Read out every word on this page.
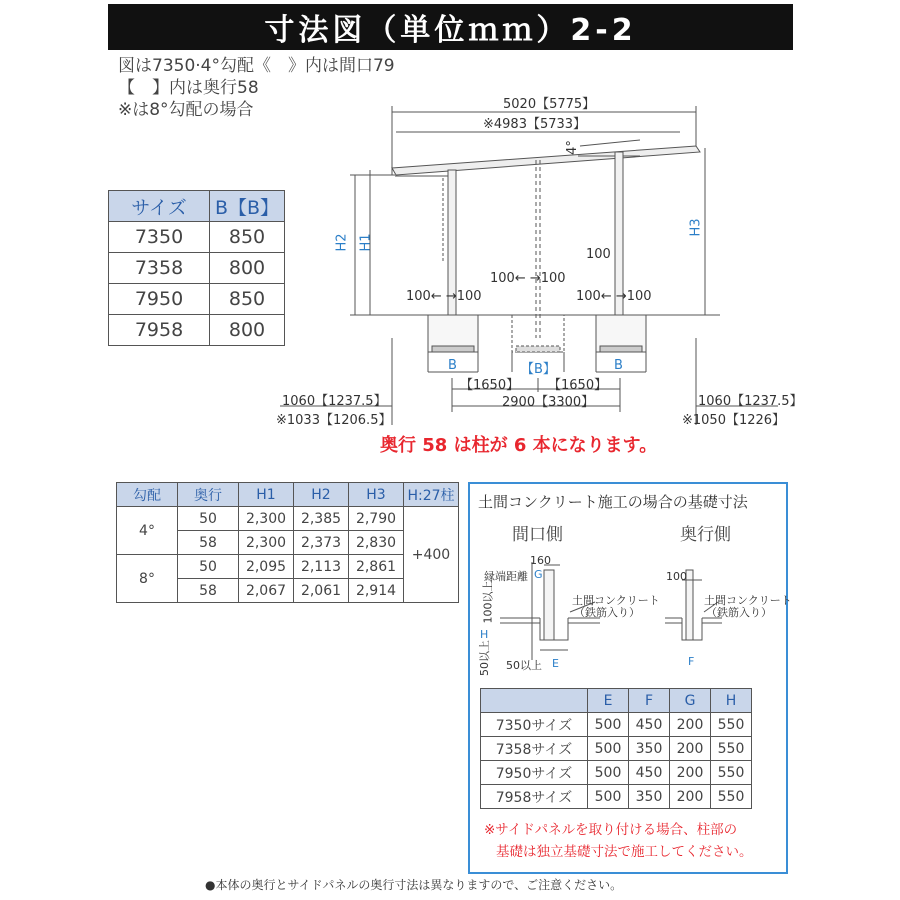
寸法図（単位ｍｍ）2-2
図は7350·4°勾配《　》内は間口79
【　】内は奥行58
※は8°勾配の場合	5020【5775】
※4983【5733】
4°
H2 H1
H3
100
100← →100
100← →100	100← →100
B	【B】	B
【1650】 【1650】
2900【3300】
1060【1237.5】
※1033【1206.5】
1060【1237.5】
※1050【1226】
奥行 58 は柱が 6 本になります。
サイズ	B【B】
7350	850
7358	800
7950	850
7958	800
勾配	奥行	H1	H2	H3	H:27柱
4°	50	2,300	2,385	2,790	+400
	58	2,300	2,373	2,830	
8°	50	2,095	2,113	2,861	
	58	2,067	2,061	2,914	
土間コンクリート施工の場合の基礎寸法
間口側	奥行側
160
縁端距離 G
100以上
H
土間コンクリート
（鉄筋入り）
50以上 50以上 E
100
土間コンクリート
（鉄筋入り）
F
	E	F	G	H
7350サイズ	500	450	200	550
7358サイズ	500	350	200	550
7950サイズ	500	450	200	550
7958サイズ	500	350	200	550
※サイドパネルを取り付ける場合、柱部の
基礎は独立基礎寸法で施工してください。
●本体の奥行とサイドパネルの奥行寸法は異なりますので、ご注意ください。
